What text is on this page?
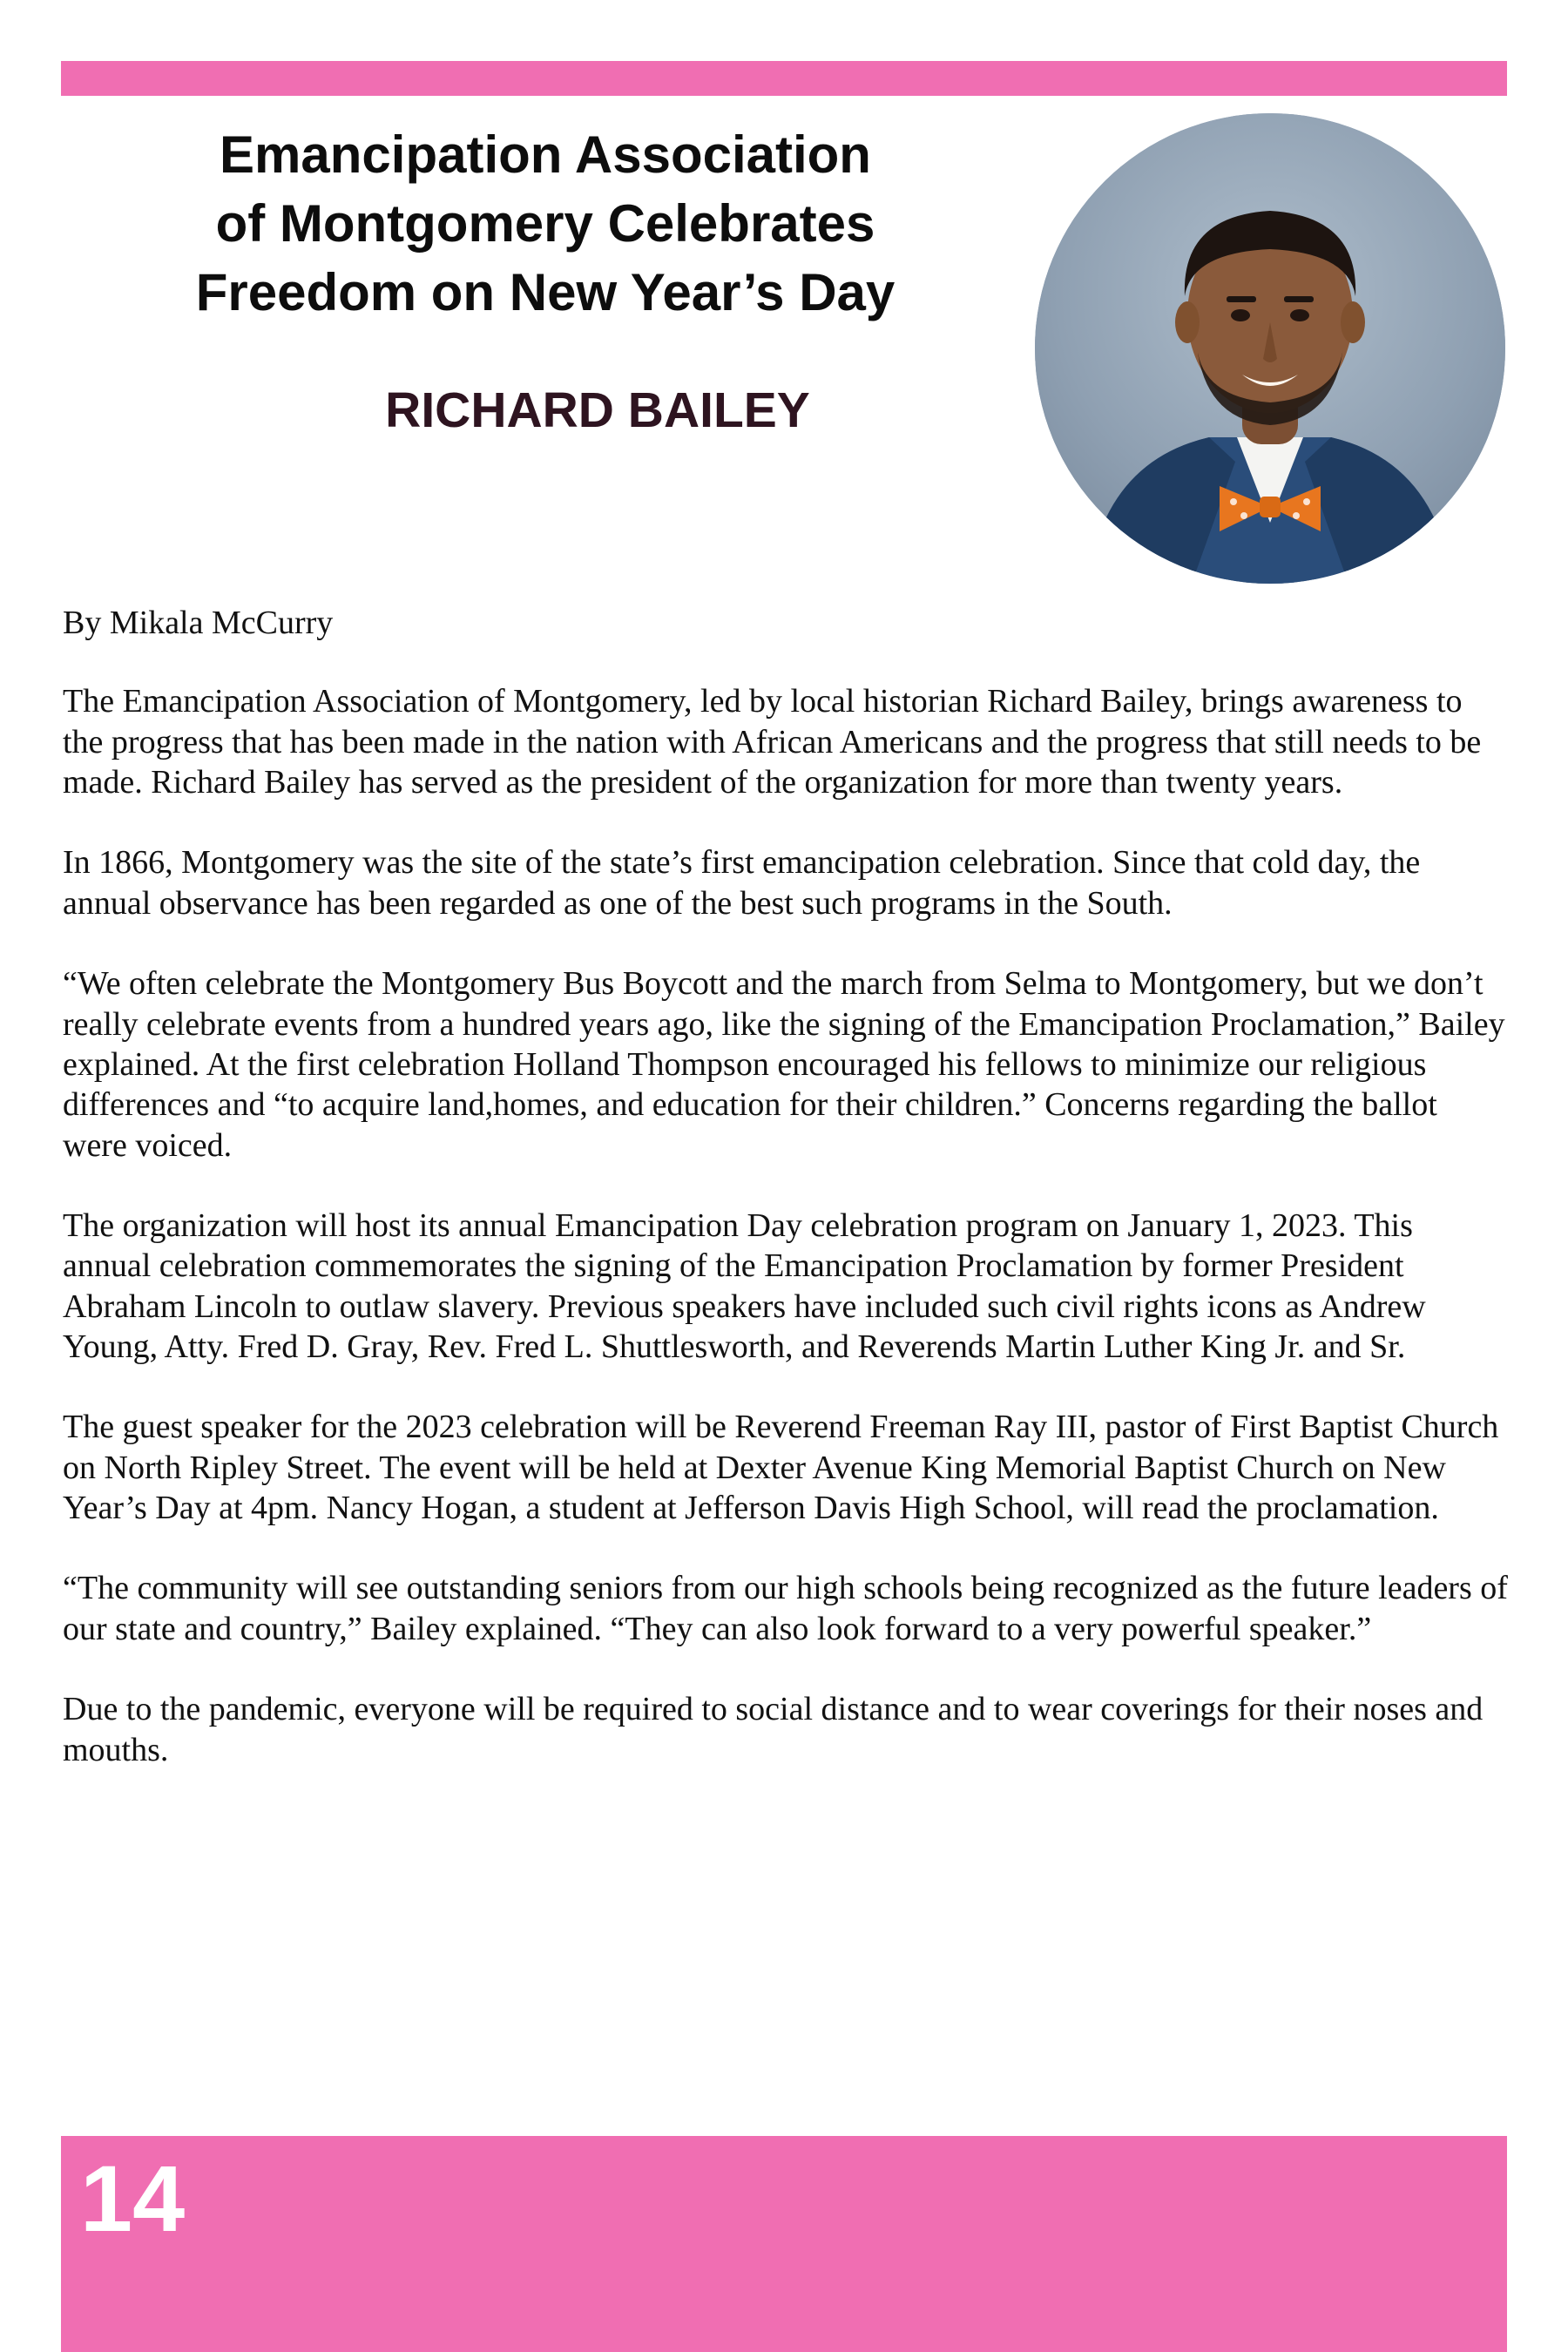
Emancipation Association
of Montgomery Celebrates
Freedom on New Year’s Day
RICHARD BAILEY

By Mikala McCurry

The Emancipation Association of Montgomery, led by local historian Richard Bailey, brings awareness to the progress that has been made in the nation with African Americans and the progress that still needs to be made. Richard Bailey has served as the president of the organization for more than twenty years.

In 1866, Montgomery was the site of the state’s first emancipation celebration. Since that cold day, the annual observance has been regarded as one of the best such programs in the South.

“We often celebrate the Montgomery Bus Boycott and the march from Selma to Montgomery, but we don’t really celebrate events from a hundred years ago, like the signing of the Emancipation Proclamation,” Bailey explained. At the first celebration Holland Thompson encouraged his fellows to minimize our religious differences and “to acquire land,homes, and education for their children.” Concerns regarding the ballot were voiced.

The organization will host its annual Emancipation Day celebration program on January 1, 2023. This annual celebration commemorates the signing of the Emancipation Proclamation by former President Abraham Lincoln to outlaw slavery. Previous speakers have included such civil rights icons as Andrew Young, Atty. Fred D. Gray, Rev. Fred L. Shuttlesworth, and Reverends Martin Luther King Jr. and Sr.

The guest speaker for the 2023 celebration will be Reverend Freeman Ray III, pastor of First Baptist Church on North Ripley Street. The event will be held at Dexter Avenue King Memorial Baptist Church on New Year’s Day at 4pm. Nancy Hogan, a student at Jefferson Davis High School, will read the proclamation.

“The community will see outstanding seniors from our high schools being recognized as the future leaders of our state and country,” Bailey explained. “They can also look forward to a very powerful speaker.”

Due to the pandemic, everyone will be required to social distance and to wear coverings for their noses and mouths.

14
